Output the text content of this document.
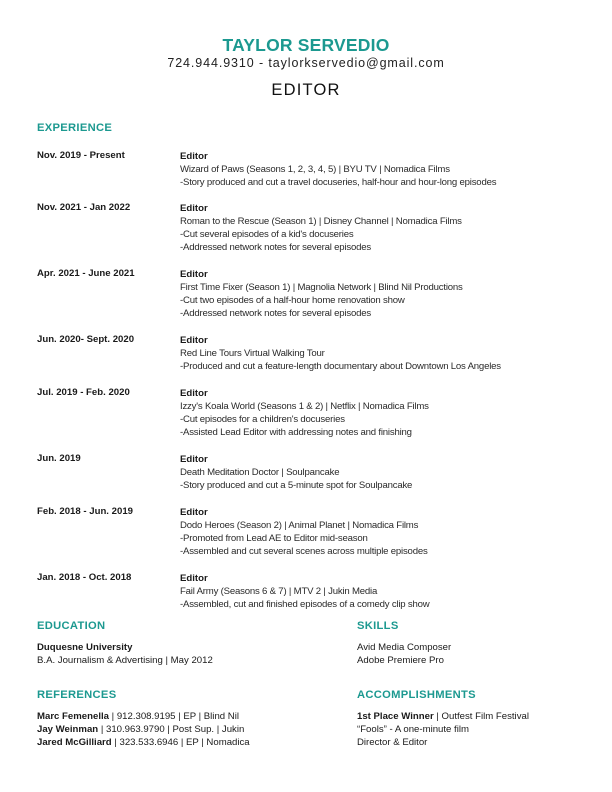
TAYLOR SERVEDIO
724.944.9310 - taylorkservedio@gmail.com
EDITOR
EXPERIENCE
Nov. 2019 - Present	Editor
Wizard of Paws (Seasons 1, 2, 3, 4, 5) | BYU TV | Nomadica Films
-Story produced and cut a travel docuseries, half-hour and hour-long episodes
Nov. 2021 - Jan 2022	Editor
Roman to the Rescue (Season 1) | Disney Channel | Nomadica Films
-Cut several episodes of a kid's docuseries
-Addressed network notes for several episodes
Apr. 2021 - June 2021	Editor
First Time Fixer (Season 1) | Magnolia Network | Blind Nil Productions
-Cut two episodes of a half-hour home renovation show
-Addressed network notes for several episodes
Jun. 2020- Sept. 2020	Editor
Red Line Tours Virtual Walking Tour
-Produced and cut a feature-length documentary about Downtown Los Angeles
Jul. 2019 - Feb. 2020	Editor
Izzy's Koala World (Seasons 1 & 2) | Netflix | Nomadica Films
-Cut episodes for a children's docuseries
-Assisted Lead Editor with addressing notes and finishing
Jun. 2019	Editor
Death Meditation Doctor | Soulpancake
-Story produced and cut a 5-minute spot for Soulpancake
Feb. 2018 - Jun. 2019	Editor
Dodo Heroes (Season 2) | Animal Planet | Nomadica Films
-Promoted from Lead AE to Editor mid-season
-Assembled and cut several scenes across multiple episodes
Jan. 2018 - Oct. 2018	Editor
Fail Army (Seasons 6 & 7) | MTV 2 | Jukin Media
-Assembled, cut and finished episodes of a comedy clip show
EDUCATION
Duquesne University
B.A. Journalism & Advertising | May 2012
SKILLS
Avid Media Composer
Adobe Premiere Pro
REFERENCES
Marc Femenella | 912.308.9195 | EP | Blind Nil
Jay Weinman | 310.963.9790 | Post Sup. | Jukin
Jared McGilliard | 323.533.6946 | EP | Nomadica
ACCOMPLISHMENTS
1st Place Winner | Outfest Film Festival
“Fools” - A one-minute film
Director & Editor
